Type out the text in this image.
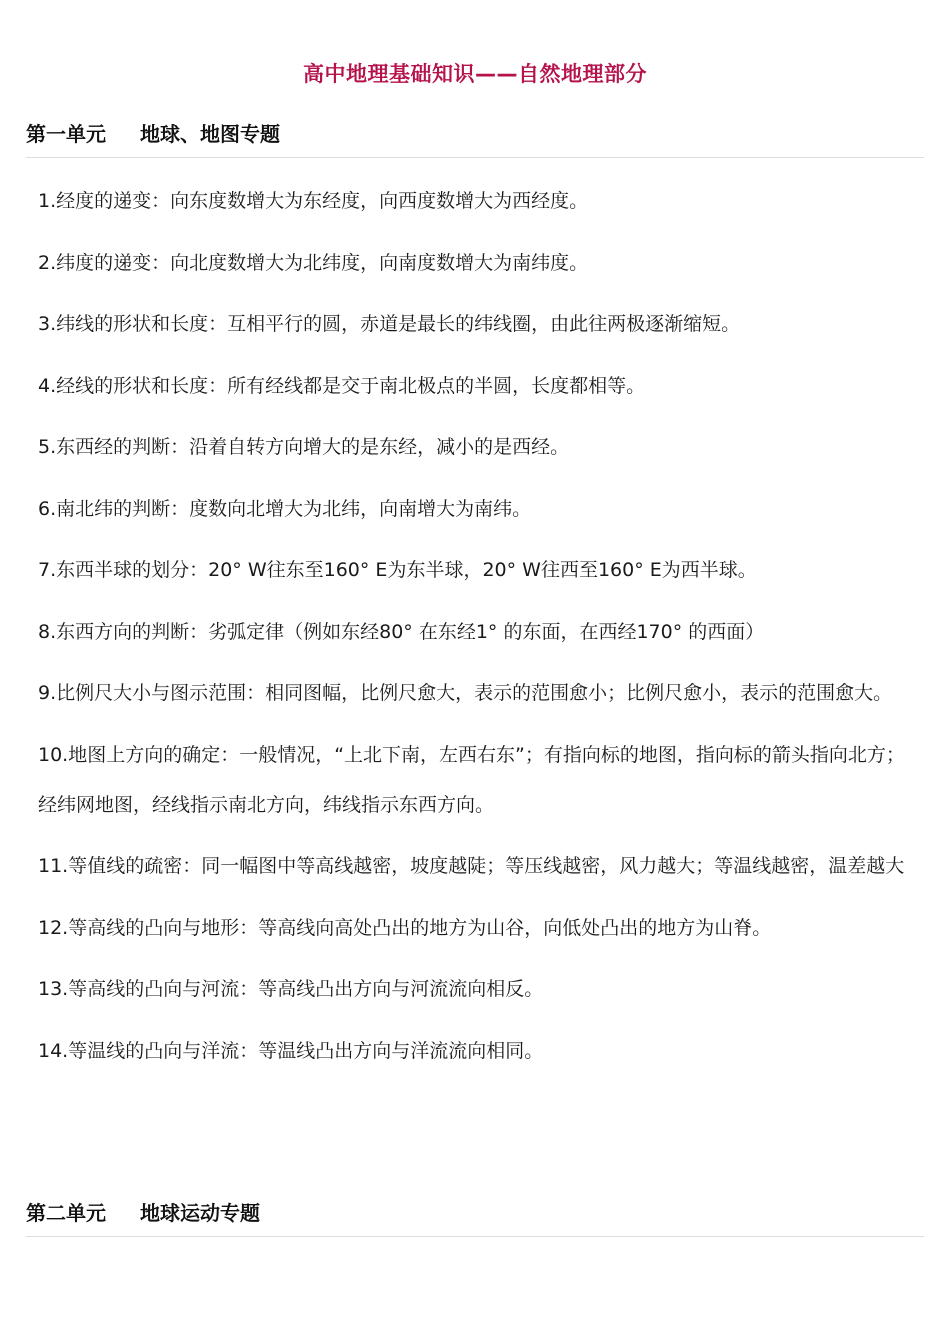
高中地理基础知识——自然地理部分
第一单元 地球、地图专题
1.经度的递变：向东度数增大为东经度，向西度数增大为西经度。
2.纬度的递变：向北度数增大为北纬度，向南度数增大为南纬度。
3.纬线的形状和长度：互相平行的圆，赤道是最长的纬线圈，由此往两极逐渐缩短。
4.经线的形状和长度：所有经线都是交于南北极点的半圆，长度都相等。
5.东西经的判断：沿着自转方向增大的是东经，减小的是西经。
6.南北纬的判断：度数向北增大为北纬，向南增大为南纬。
7.东西半球的划分：20° W往东至160° E为东半球，20° W往西至160° E为西半球。
8.东西方向的判断：劣弧定律（例如东经80° 在东经1° 的东面，在西经170° 的西面）
9.比例尺大小与图示范围：相同图幅，比例尺愈大，表示的范围愈小；比例尺愈小，表示的范围愈大。
10.地图上方向的确定：一般情况，“上北下南，左西右东”；有指向标的地图，指向标的箭头指向北方；经纬网地图，经线指示南北方向，纬线指示东西方向。
11.等值线的疏密：同一幅图中等高线越密，坡度越陡；等压线越密，风力越大；等温线越密，温差越大
12.等高线的凸向与地形：等高线向高处凸出的地方为山谷，向低处凸出的地方为山脊。
13.等高线的凸向与河流：等高线凸出方向与河流流向相反。
14.等温线的凸向与洋流：等温线凸出方向与洋流流向相同。
第二单元 地球运动专题
